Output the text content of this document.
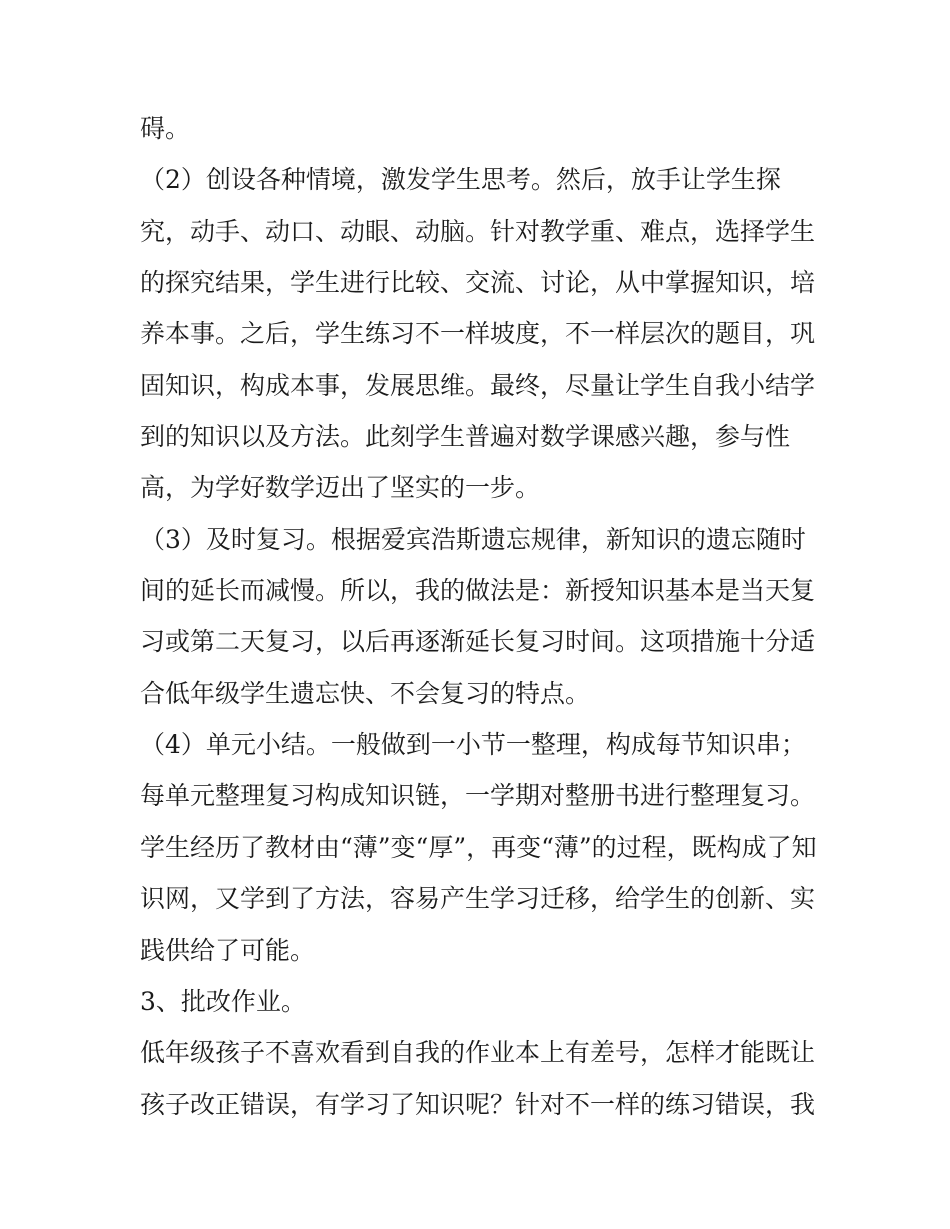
碍。
（2）创设各种情境，激发学生思考。然后，放手让学生探
究，动手、动口、动眼、动脑。针对教学重、难点，选择学生
的探究结果，学生进行比较、交流、讨论，从中掌握知识，培
养本事。之后，学生练习不一样坡度，不一样层次的题目，巩
固知识，构成本事，发展思维。最终，尽量让学生自我小结学
到的知识以及方法。此刻学生普遍对数学课感兴趣，参与性
高，为学好数学迈出了坚实的一步。
（3）及时复习。根据爱宾浩斯遗忘规律，新知识的遗忘随时
间的延长而减慢。所以，我的做法是：新授知识基本是当天复
习或第二天复习，以后再逐渐延长复习时间。这项措施十分适
合低年级学生遗忘快、不会复习的特点。
（4）单元小结。一般做到一小节一整理，构成每节知识串；
每单元整理复习构成知识链，一学期对整册书进行整理复习。
学生经历了教材由“薄”变“厚”，再变“薄”的过程，既构成了知
识网，又学到了方法，容易产生学习迁移，给学生的创新、实
践供给了可能。
3、批改作业。
低年级孩子不喜欢看到自我的作业本上有差号，怎样才能既让
孩子改正错误，有学习了知识呢？针对不一样的练习错误，我
